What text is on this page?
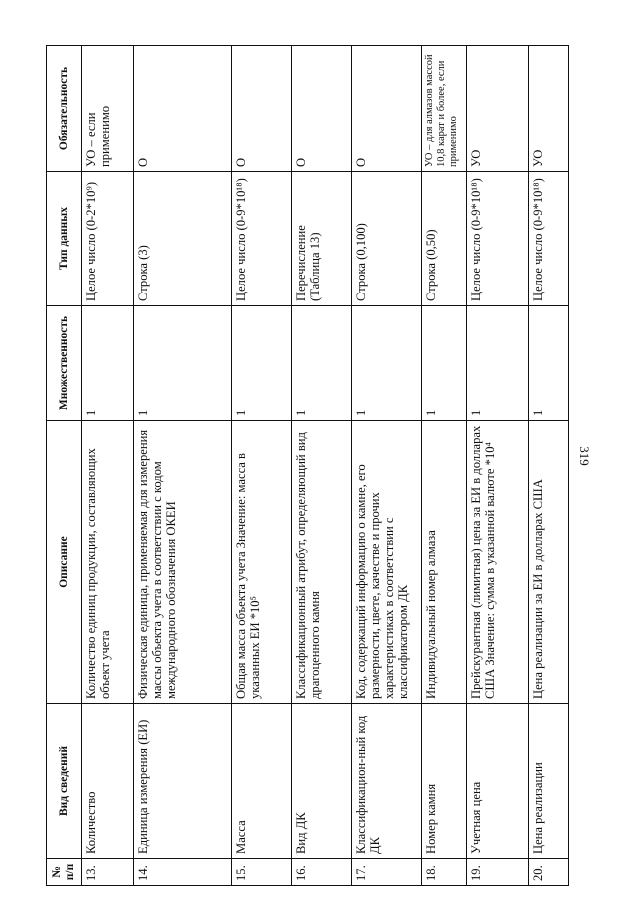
319
№ п/п	Вид сведений	Описание	Множественность	Тип данных	Обязательность
13.	Количество	Количество единиц продукции, составляющих объект учета	1	Целое число (0-2*10⁹)	УО – если применимо
14.	Единица измерения (ЕИ)	Физическая единица, применяемая для измерения массы объекта учета в соответствии с кодом международного обозначения ОКЕИ	1	Строка (3)	О
15.	Масса	Общая масса объекта учета Значение: масса в указанных ЕИ *10⁵	1	Целое число (0-9*10¹⁸)	О
16.	Вид ДК	Классификационный атрибут, определяющий вид драгоценного камня	1	Перечисление (Таблица 13)	О
17.	Классификацион-ный код ДК	Код, содержащий информацию о камне, его размерности, цвете, качестве и прочих характеристиках в соответствии с классификатором ДК	1	Строка (0,100)	О
18.	Номер камня	Индивидуальный номер алмаза	1	Строка (0,50)	УО – для алмазов массой 10,8 карат и более, если применимо
19.	Учетная цена	Прейскурантная (лимитная) цена за ЕИ в долларах США Значение: сумма в указанной валюте *10⁴	1	Целое число (0-9*10¹⁸)	УО
20.	Цена реализации	Цена реализации за ЕИ в долларах США	1	Целое число (0-9*10¹⁸)	УО
